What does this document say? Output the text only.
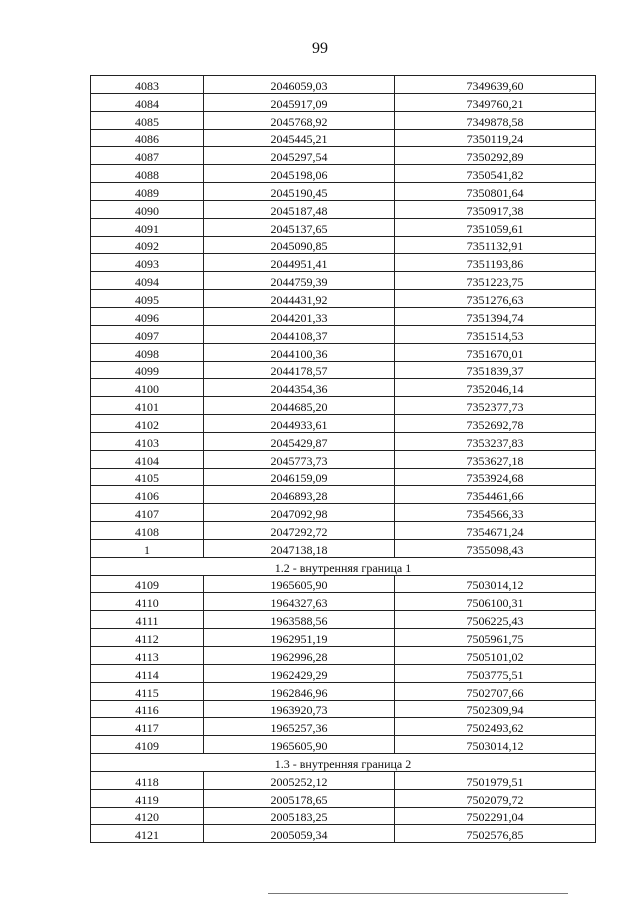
99
4083	2046059,03	7349639,60
4084	2045917,09	7349760,21
4085	2045768,92	7349878,58
4086	2045445,21	7350119,24
4087	2045297,54	7350292,89
4088	2045198,06	7350541,82
4089	2045190,45	7350801,64
4090	2045187,48	7350917,38
4091	2045137,65	7351059,61
4092	2045090,85	7351132,91
4093	2044951,41	7351193,86
4094	2044759,39	7351223,75
4095	2044431,92	7351276,63
4096	2044201,33	7351394,74
4097	2044108,37	7351514,53
4098	2044100,36	7351670,01
4099	2044178,57	7351839,37
4100	2044354,36	7352046,14
4101	2044685,20	7352377,73
4102	2044933,61	7352692,78
4103	2045429,87	7353237,83
4104	2045773,73	7353627,18
4105	2046159,09	7353924,68
4106	2046893,28	7354461,66
4107	2047092,98	7354566,33
4108	2047292,72	7354671,24
1	2047138,18	7355098,43
1.2 - внутренняя граница 1		
4109	1965605,90	7503014,12
4110	1964327,63	7506100,31
4111	1963588,56	7506225,43
4112	1962951,19	7505961,75
4113	1962996,28	7505101,02
4114	1962429,29	7503775,51
4115	1962846,96	7502707,66
4116	1963920,73	7502309,94
4117	1965257,36	7502493,62
4109	1965605,90	7503014,12
1.3 - внутренняя граница 2		
4118	2005252,12	7501979,51
4119	2005178,65	7502079,72
4120	2005183,25	7502291,04
4121	2005059,34	7502576,85
